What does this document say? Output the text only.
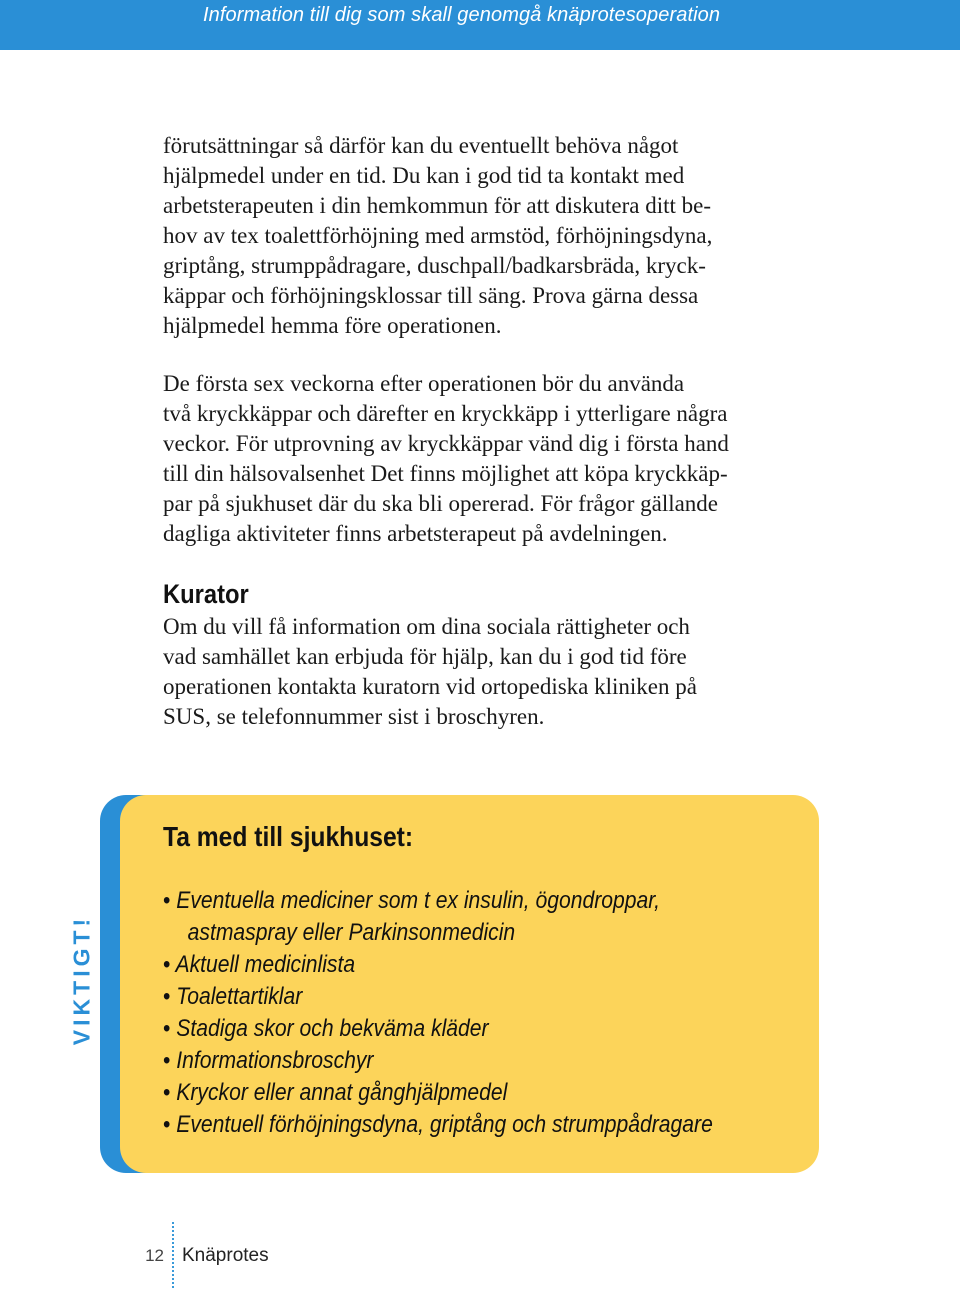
Information till dig som skall genomgå knäprotesoperation

förutsättningar så därför kan du eventuellt behöva något
hjälpmedel under en tid. Du kan i god tid ta kontakt med
arbetsterapeuten i din hemkommun för att diskutera ditt be-
hov av tex toalettförhöjning med armstöd, förhöjningsdyna,
griptång, strumppådragare, duschpall/badkarsbräda, kryck-
käppar och förhöjningsklossar till säng. Prova gärna dessa
hjälpmedel hemma före operationen.

De första sex veckorna efter operationen bör du använda
två kryckkäppar och därefter en kryckkäpp i ytterligare några
veckor. För utprovning av kryckkäppar vänd dig i första hand
till din hälsovalsenhet Det finns möjlighet att köpa kryckkäp-
par på sjukhuset där du ska bli opererad. För frågor gällande
dagliga aktiviteter finns arbetsterapeut på avdelningen.

Kurator

Om du vill få information om dina sociala rättigheter och
vad samhället kan erbjuda för hjälp, kan du i god tid före
operationen kontakta kuratorn vid ortopediska kliniken på
SUS, se telefonnummer sist i broschyren.

VIKTIGT!
Ta med till sjukhuset:
• Eventuella mediciner som t ex insulin, ögondroppar,
astmaspray eller Parkinsonmedicin
• Aktuell medicinlista
• Toalettartiklar
• Stadiga skor och bekväma kläder
• Informationsbroschyr
• Kryckor eller annat gånghjälpmedel
• Eventuell förhöjningsdyna, griptång och strumppådragare
12 Knäprotes
